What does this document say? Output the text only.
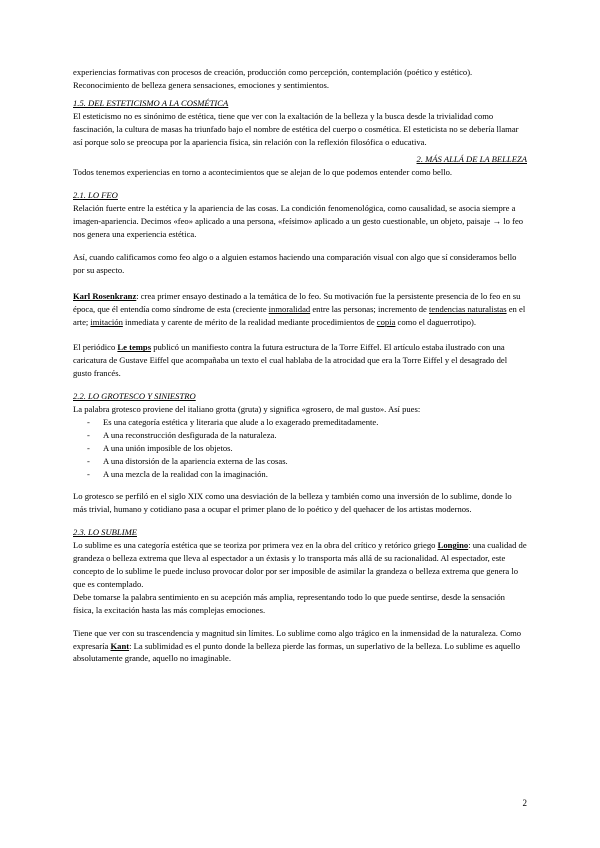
experiencias formativas con procesos de creación, producción como percepción, contemplación (poético y estético). Reconocimiento de belleza genera sensaciones, emociones y sentimientos.

1.5. DEL ESTETICISMO A LA COSMÉTICA

El esteticismo no es sinónimo de estética, tiene que ver con la exaltación de la belleza y la busca desde la trivialidad como fascinación, la cultura de masas ha triunfado bajo el nombre de estética del cuerpo o cosmética. El esteticista no se debería llamar así porque solo se preocupa por la apariencia física, sin relación con la reflexión filosófica o educativa.

2. MÁS ALLÁ DE LA BELLEZA

Todos tenemos experiencias en torno a acontecimientos que se alejan de lo que podemos entender como bello.

2.1. LO FEO

Relación fuerte entre la estética y la apariencia de las cosas. La condición fenomenológica, como causalidad, se asocia siempre a imagen-apariencia. Decimos «feo» aplicado a una persona, «feísimo» aplicado a un gesto cuestionable, un objeto, paisaje → lo feo nos genera una experiencia estética.

Así, cuando calificamos como feo algo o a alguien estamos haciendo una comparación visual con algo que sí consideramos bello por su aspecto.

Karl Rosenkranz: crea primer ensayo destinado a la temática de lo feo. Su motivación fue la persistente presencia de lo feo en su época, que él entendía como síndrome de esta (creciente inmoralidad entre las personas; incremento de tendencias naturalistas en el arte; imitación inmediata y carente de mérito de la realidad mediante procedimientos de copia como el daguerrotipo).

El periódico Le temps publicó un manifiesto contra la futura estructura de la Torre Eiffel. El artículo estaba ilustrado con una caricatura de Gustave Eiffel que acompañaba un texto el cual hablaba de la atrocidad que era la Torre Eiffel y el desagrado del gusto francés.

2.2. LO GROTESCO Y SINIESTRO

La palabra grotesco proviene del italiano grotta (gruta) y significa «grosero, de mal gusto». Así pues:

- Es una categoría estética y literaria que alude a lo exagerado premeditadamente.
- A una reconstrucción desfigurada de la naturaleza.
- A una unión imposible de los objetos.
- A una distorsión de la apariencia externa de las cosas.
- A una mezcla de la realidad con la imaginación.

Lo grotesco se perfiló en el siglo XIX como una desviación de la belleza y también como una inversión de lo sublime, donde lo más trivial, humano y cotidiano pasa a ocupar el primer plano de lo poético y del quehacer de los artistas modernos.

2.3. LO SUBLIME

Lo sublime es una categoría estética que se teoriza por primera vez en la obra del crítico y retórico griego Longino: una cualidad de grandeza o belleza extrema que lleva al espectador a un éxtasis y lo transporta más allá de su racionalidad. Al espectador, este concepto de lo sublime le puede incluso provocar dolor por ser imposible de asimilar la grandeza o belleza extrema que genera lo que es contemplado.

Debe tomarse la palabra sentimiento en su acepción más amplia, representando todo lo que puede sentirse, desde la sensación física, la excitación hasta las más complejas emociones.

Tiene que ver con su trascendencia y magnitud sin límites. Lo sublime como algo trágico en la inmensidad de la naturaleza. Como expresaría Kant: La sublimidad es el punto donde la belleza pierde las formas, un superlativo de la belleza. Lo sublime es aquello absolutamente grande, aquello no imaginable.

2
